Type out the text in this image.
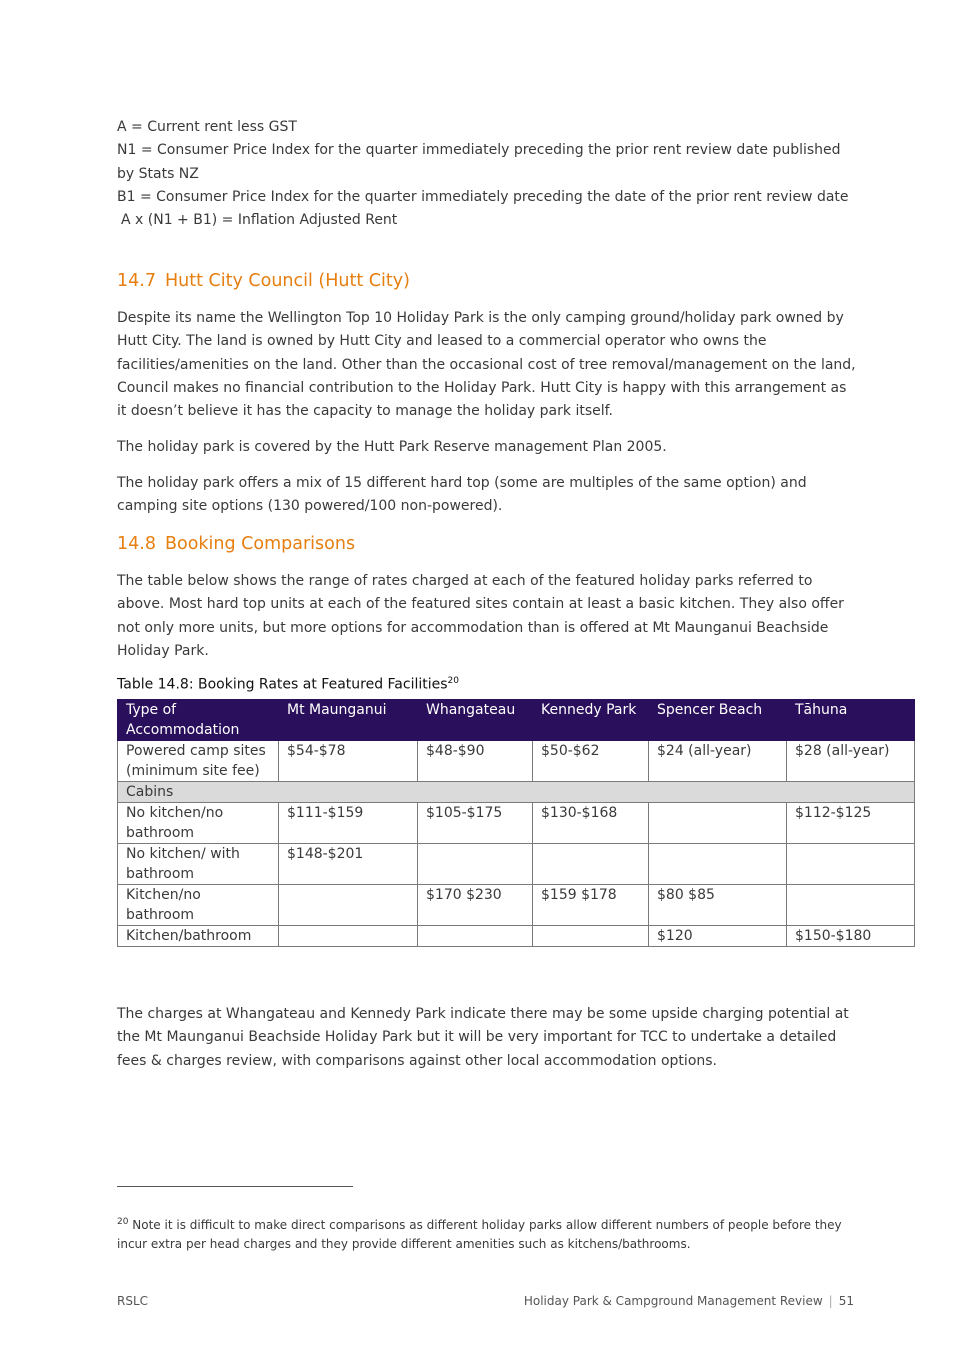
A = Current rent less GST

N1 = Consumer Price Index for the quarter immediately preceding the prior rent review date published by Stats NZ

B1 = Consumer Price Index for the quarter immediately preceding the date of the prior rent review date

A x (N1 + B1) = Inflation Adjusted Rent

14.7 Hutt City Council (Hutt City)

Despite its name the Wellington Top 10 Holiday Park is the only camping ground/holiday park owned by Hutt City. The land is owned by Hutt City and leased to a commercial operator who owns the facilities/amenities on the land. Other than the occasional cost of tree removal/management on the land, Council makes no financial contribution to the Holiday Park. Hutt City is happy with this arrangement as it doesn’t believe it has the capacity to manage the holiday park itself.

The holiday park is covered by the Hutt Park Reserve management Plan 2005.

The holiday park offers a mix of 15 different hard top (some are multiples of the same option) and camping site options (130 powered/100 non-powered).

14.8 Booking Comparisons

The table below shows the range of rates charged at each of the featured holiday parks referred to above. Most hard top units at each of the featured sites contain at least a basic kitchen. They also offer not only more units, but more options for accommodation than is offered at Mt Maunganui Beachside Holiday Park.

Table 14.8: Booking Rates at Featured Facilities$^{20}$

Type of Accommodation	Mt Maunganui	Whangateau	Kennedy Park	Spencer Beach	Tāhuna
Powered camp sites (minimum site fee)	$54-$78	$48-$90	$50-$62	$24 (all-year)	$28 (all-year)
Cabins					
No kitchen/no bathroom	$111-$159	$105-$175	$130-$168		$112-$125
No kitchen/ with bathroom	$148-$201				
Kitchen/no bathroom		$170 $230	$159 $178	$80 $85	
Kitchen/bathroom				$120	$150-$180

The charges at Whangateau and Kennedy Park indicate there may be some upside charging potential at the Mt Maunganui Beachside Holiday Park but it will be very important for TCC to undertake a detailed fees & charges review, with comparisons against other local accommodation options.

$^{20}$ Note it is difficult to make direct comparisons as different holiday parks allow different numbers of people before they incur extra per head charges and they provide different amenities such as kitchens/bathrooms.

RSLC	Holiday Park & Campground Management Review | 51
